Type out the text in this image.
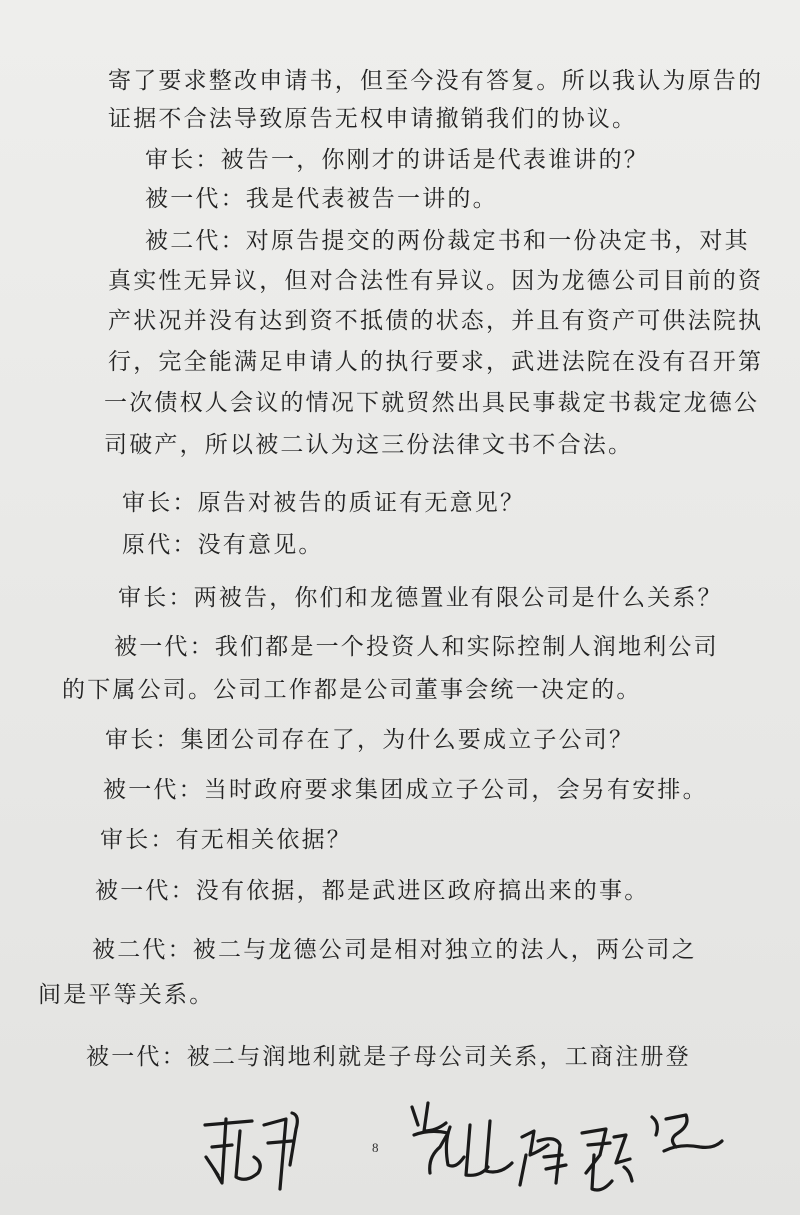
寄了要求整改申请书，但至今没有答复。所以我认为原告的
证据不合法导致原告无权申请撤销我们的协议。
审长：被告一，你刚才的讲话是代表谁讲的？
被一代：我是代表被告一讲的。
被二代：对原告提交的两份裁定书和一份决定书，对其
真实性无异议，但对合法性有异议。因为龙德公司目前的资
产状况并没有达到资不抵债的状态，并且有资产可供法院执
行，完全能满足申请人的执行要求，武进法院在没有召开第
一次债权人会议的情况下就贸然出具民事裁定书裁定龙德公
司破产，所以被二认为这三份法律文书不合法。
审长：原告对被告的质证有无意见？
原代：没有意见。
审长：两被告，你们和龙德置业有限公司是什么关系？
被一代：我们都是一个投资人和实际控制人润地利公司
的下属公司。公司工作都是公司董事会统一决定的。
审长：集团公司存在了，为什么要成立子公司？
被一代：当时政府要求集团成立子公司，会另有安排。
审长：有无相关依据？
被一代：没有依据，都是武进区政府搞出来的事。
被二代：被二与龙德公司是相对独立的法人，两公司之
间是平等关系。
被一代：被二与润地利就是子母公司关系，工商注册登
8
